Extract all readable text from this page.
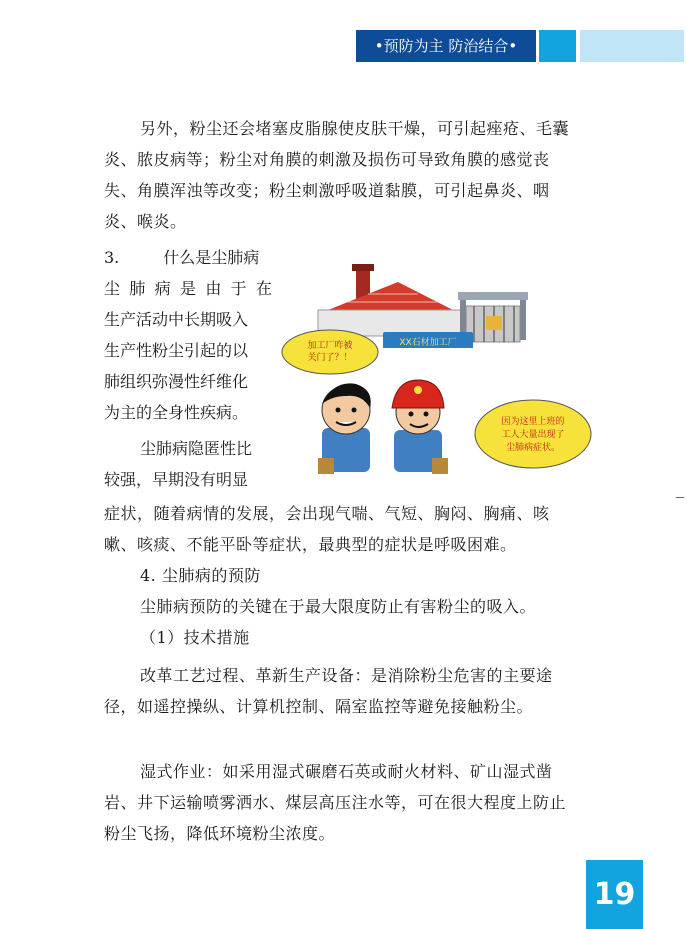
•预防为主 防治结合•

另外，粉尘还会堵塞皮脂腺使皮肤干燥，可引起痤疮、毛囊炎、脓皮病等；粉尘对角膜的刺激及损伤可导致角膜的感觉丧失、角膜浑浊等改变；粉尘刺激呼吸道黏膜，可引起鼻炎、咽炎、喉炎。

3.	什么是尘肺病
尘 肺 病 是 由 于 在
生产活动中长期吸入
生产性粉尘引起的以
肺组织弥漫性纤维化
为主的全身性疾病。
尘肺病隐匿性比
较强，早期没有明显
XX石材加工厂
加工厂咋被
关门了？！
因为这里上班的
工人大量出现了
尘肺病症状。

症状，随着病情的发展，会出现气喘、气短、胸闷、胸痛、咳嗽、咳痰、不能平卧等症状，最典型的症状是呼吸困难。

4. 尘肺病的预防

尘肺病预防的关键在于最大限度防止有害粉尘的吸入。

（1）技术措施

改革工艺过程、革新生产设备：是消除粉尘危害的主要途径，如遥控操纵、计算机控制、隔室监控等避免接触粉尘。

湿式作业：如采用湿式碾磨石英或耐火材料、矿山湿式凿岩、井下运输喷雾洒水、煤层高压注水等，可在很大程度上防止粉尘飞扬，降低环境粉尘浓度。

19
